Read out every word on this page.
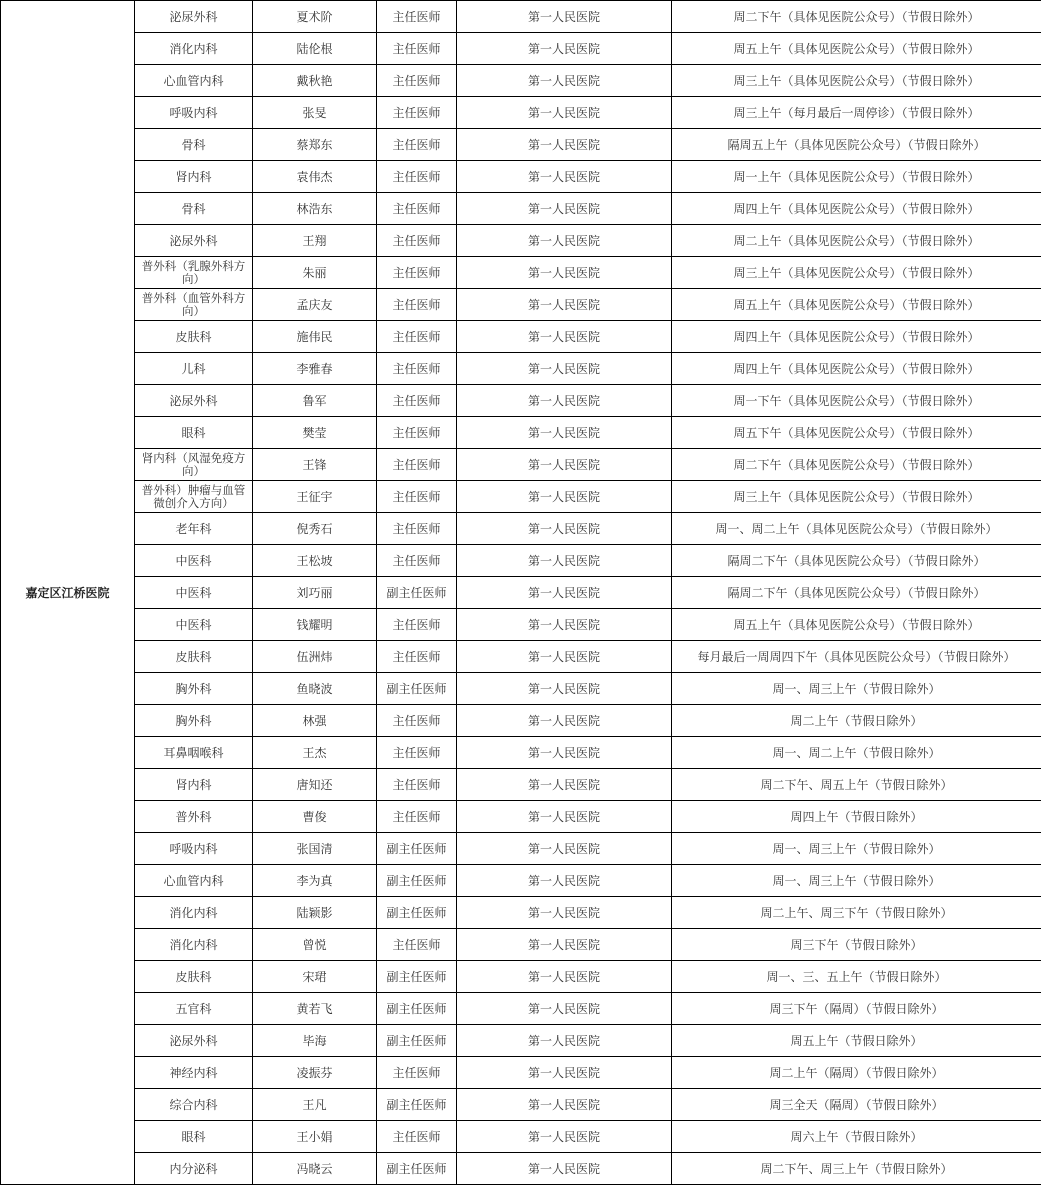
嘉定区江桥医院	泌尿外科	夏术阶	主任医师	第一人民医院	周二下午（具体见医院公众号）（节假日除外）
	消化内科	陆伦根	主任医师	第一人民医院	周五上午（具体见医院公众号）（节假日除外）
	心血管内科	戴秋艳	主任医师	第一人民医院	周三上午（具体见医院公众号）（节假日除外）
	呼吸内科	张旻	主任医师	第一人民医院	周三上午（每月最后一周停诊）（节假日除外）
	骨科	蔡郑东	主任医师	第一人民医院	隔周五上午（具体见医院公众号）（节假日除外）
	肾内科	袁伟杰	主任医师	第一人民医院	周一上午（具体见医院公众号）（节假日除外）
	骨科	林浩东	主任医师	第一人民医院	周四上午（具体见医院公众号）（节假日除外）
	泌尿外科	王翔	主任医师	第一人民医院	周二上午（具体见医院公众号）（节假日除外）
	普外科（乳腺外科方向）	朱丽	主任医师	第一人民医院	周三上午（具体见医院公众号）（节假日除外）
	普外科（血管外科方向）	孟庆友	主任医师	第一人民医院	周五上午（具体见医院公众号）（节假日除外）
	皮肤科	施伟民	主任医师	第一人民医院	周四上午（具体见医院公众号）（节假日除外）
	儿科	李雅春	主任医师	第一人民医院	周四上午（具体见医院公众号）（节假日除外）
	泌尿外科	鲁军	主任医师	第一人民医院	周一下午（具体见医院公众号）（节假日除外）
	眼科	樊莹	主任医师	第一人民医院	周五下午（具体见医院公众号）（节假日除外）
	肾内科（风湿免疫方向）	王锋	主任医师	第一人民医院	周二下午（具体见医院公众号）（节假日除外）
	普外科）肿瘤与血管微创介入方向）	王征宇	主任医师	第一人民医院	周三上午（具体见医院公众号）（节假日除外）
	老年科	倪秀石	主任医师	第一人民医院	周一、周二上午（具体见医院公众号）（节假日除外）
	中医科	王松坡	主任医师	第一人民医院	隔周二下午（具体见医院公众号）（节假日除外）
	中医科	刘巧丽	副主任医师	第一人民医院	隔周二下午（具体见医院公众号）（节假日除外）
	中医科	钱耀明	主任医师	第一人民医院	周五上午（具体见医院公众号）（节假日除外）
	皮肤科	伍洲炜	主任医师	第一人民医院	每月最后一周周四下午（具体见医院公众号）（节假日除外）
	胸外科	鱼晓波	副主任医师	第一人民医院	周一、周三上午（节假日除外）
	胸外科	林强	主任医师	第一人民医院	周二上午（节假日除外）
	耳鼻咽喉科	王杰	主任医师	第一人民医院	周一、周二上午（节假日除外）
	肾内科	唐知还	主任医师	第一人民医院	周二下午、周五上午（节假日除外）
	普外科	曹俊	主任医师	第一人民医院	周四上午（节假日除外）
	呼吸内科	张国清	副主任医师	第一人民医院	周一、周三上午（节假日除外）
	心血管内科	李为真	副主任医师	第一人民医院	周一、周三上午（节假日除外）
	消化内科	陆颖影	副主任医师	第一人民医院	周二上午、周三下午（节假日除外）
	消化内科	曾悦	主任医师	第一人民医院	周三下午（节假日除外）
	皮肤科	宋珺	副主任医师	第一人民医院	周一、三、五上午（节假日除外）
	五官科	黄若飞	副主任医师	第一人民医院	周三下午（隔周）（节假日除外）
	泌尿外科	毕海	副主任医师	第一人民医院	周五上午（节假日除外）
	神经内科	凌振芬	主任医师	第一人民医院	周二上午（隔周）（节假日除外）
	综合内科	王凡	副主任医师	第一人民医院	周三全天（隔周）（节假日除外）
	眼科	王小娟	主任医师	第一人民医院	周六上午（节假日除外）
	内分泌科	冯晓云	副主任医师	第一人民医院	周二下午、周三上午（节假日除外）
